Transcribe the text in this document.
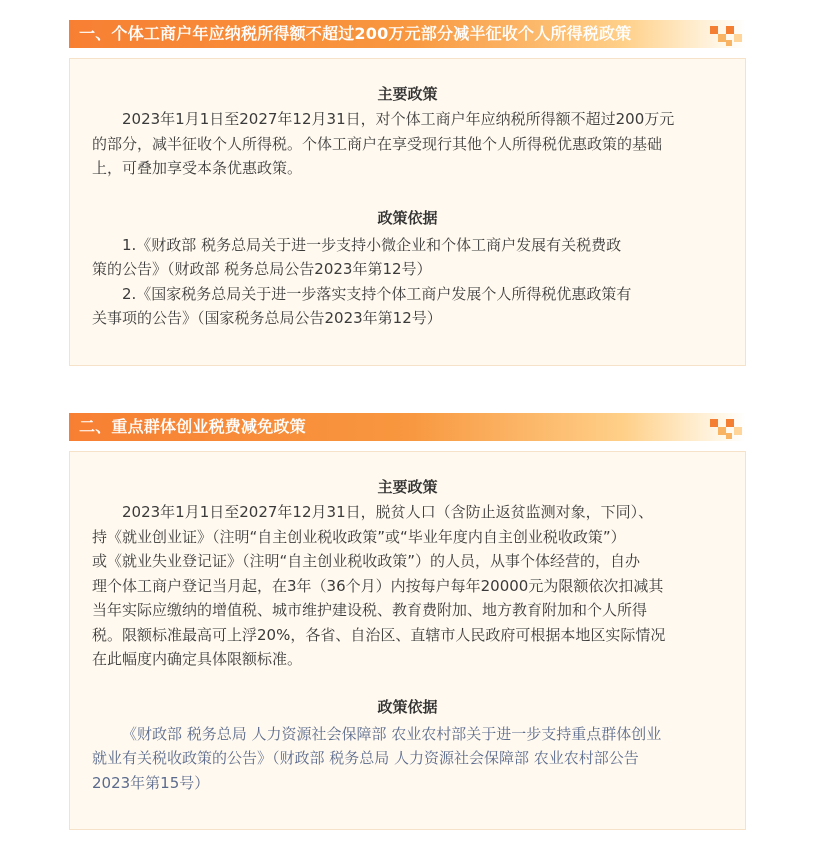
一、个体工商户年应纳税所得额不超过200万元部分减半征收个人所得税政策
主要政策
2023年1月1日至2027年12月31日，对个体工商户年应纳税所得额不超过200万元
的部分，减半征收个人所得税。个体工商户在享受现行其他个人所得税优惠政策的基础
上，可叠加享受本条优惠政策。
政策依据
1.《财政部 税务总局关于进一步支持小微企业和个体工商户发展有关税费政
策的公告》（财政部 税务总局公告2023年第12号）
2.《国家税务总局关于进一步落实支持个体工商户发展个人所得税优惠政策有
关事项的公告》（国家税务总局公告2023年第12号）
二、重点群体创业税费减免政策
主要政策
2023年1月1日至2027年12月31日，脱贫人口（含防止返贫监测对象，下同）、
持《就业创业证》（注明“自主创业税收政策”或“毕业年度内自主创业税收政策”）
或《就业失业登记证》（注明“自主创业税收政策”）的人员，从事个体经营的，自办
理个体工商户登记当月起，在3年（36个月）内按每户每年20000元为限额依次扣减其
当年实际应缴纳的增值税、城市维护建设税、教育费附加、地方教育附加和个人所得
税。限额标准最高可上浮20%，各省、自治区、直辖市人民政府可根据本地区实际情况
在此幅度内确定具体限额标准。
政策依据
《财政部 税务总局 人力资源社会保障部 农业农村部关于进一步支持重点群体创业
就业有关税收政策的公告》（财政部 税务总局 人力资源社会保障部 农业农村部公告
2023年第15号）
